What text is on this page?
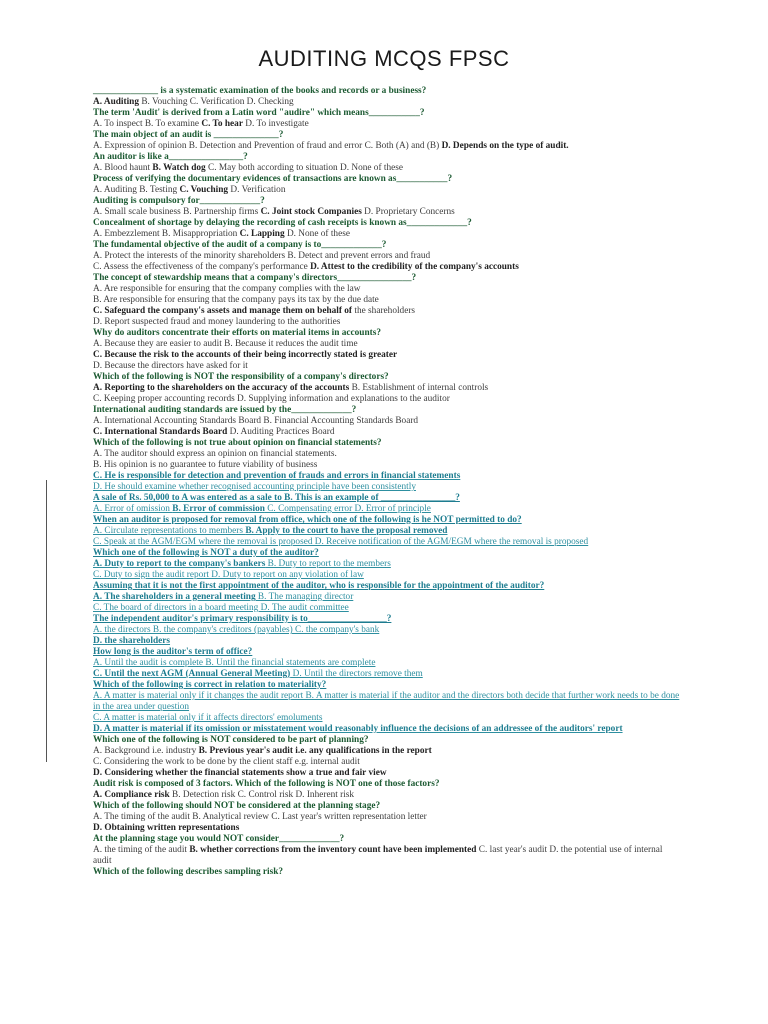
AUDITING MCQS FPSC
______________ is a systematic examination of the books and records or a business?
A. Auditing B. Vouching C. Verification D. Checking
The term 'Audit' is derived from a Latin word "audire" which means___________?
A. To inspect B. To examine C. To hear D. To investigate
The main object of an audit is ______________?
A. Expression of opinion B. Detection and Prevention of fraud and error C. Both (A) and (B) D. Depends on the type of audit.
An auditor is like a________________?
A. Blood haunt B. Watch dog C. May both according to situation D. None of these
Process of verifying the documentary evidences of transactions are known as___________?
A. Auditing B. Testing C. Vouching D. Verification
Auditing is compulsory for_____________?
A. Small scale business B. Partnership firms C. Joint stock Companies D. Proprietary Concerns
Concealment of shortage by delaying the recording of cash receipts is known as_____________?
A. Embezzlement B. Misappropriation C. Lapping D. None of these
The fundamental objective of the audit of a company is to_____________?
A. Protect the interests of the minority shareholders B. Detect and prevent errors and fraud
C. Assess the effectiveness of the company's performance D. Attest to the credibility of the company's accounts
The concept of stewardship means that a company's directors________________?
A. Are responsible for ensuring that the company complies with the law
B. Are responsible for ensuring that the company pays its tax by the due date
C. Safeguard the company's assets and manage them on behalf of the shareholders
D. Report suspected fraud and money laundering to the authorities
Why do auditors concentrate their efforts on material items in accounts?
A. Because they are easier to audit B. Because it reduces the audit time
C. Because the risk to the accounts of their being incorrectly stated is greater
D. Because the directors have asked for it
Which of the following is NOT the responsibility of a company's directors?
A. Reporting to the shareholders on the accuracy of the accounts B. Establishment of internal controls
C. Keeping proper accounting records D. Supplying information and explanations to the auditor
International auditing standards are issued by the_____________?
A. International Accounting Standards Board B. Financial Accounting Standards Board
C. International Standards Board D. Auditing Practices Board
Which of the following is not true about opinion on financial statements?
A. The auditor should express an opinion on financial statements.
B. His opinion is no guarantee to future viability of business
C. He is responsible for detection and prevention of frauds and errors in financial statements
D. He should examine whether recognised accounting principle have been consistently
A sale of Rs. 50,000 to A was entered as a sale to B. This is an example of ________________?
A. Error of omission B. Error of commission C. Compensating error D. Error of principle
When an auditor is proposed for removal from office, which one of the following is he NOT permitted to do?
A. Circulate representations to members B. Apply to the court to have the proposal removed
C. Speak at the AGM/EGM where the removal is proposed D. Receive notification of the AGM/EGM where the removal is proposed
Which one of the following is NOT a duty of the auditor?
A. Duty to report to the company's bankers B. Duty to report to the members
C. Duty to sign the audit report D. Duty to report on any violation of law
Assuming that it is not the first appointment of the auditor, who is responsible for the appointment of the auditor?
A. The shareholders in a general meeting B. The managing director
C. The board of directors in a board meeting D. The audit committee
The independent auditor's primary responsibility is to_________________?
A. the directors B. the company's creditors (payables) C. the company's bank
D. the shareholders
How long is the auditor's term of office?
A. Until the audit is complete B. Until the financial statements are complete
C. Until the next AGM (Annual General Meeting) D. Until the directors remove them
Which of the following is correct in relation to materiality?
A. A matter is material only if it changes the audit report B. A matter is material if the auditor and the directors both decide that further work needs to be done in the area under question
C. A matter is material only if it affects directors' emoluments
D. A matter is material if its omission or misstatement would reasonably influence the decisions of an addressee of the auditors' report
Which one of the following is NOT considered to be part of planning?
A. Background i.e. industry B. Previous year's audit i.e. any qualifications in the report
C. Considering the work to be done by the client staff e.g. internal audit
D. Considering whether the financial statements show a true and fair view
Audit risk is composed of 3 factors. Which of the following is NOT one of those factors?
A. Compliance risk B. Detection risk C. Control risk D. Inherent risk
Which of the following should NOT be considered at the planning stage?
A. The timing of the audit B. Analytical review C. Last year's written representation letter
D. Obtaining written representations
At the planning stage you would NOT consider_____________?
A. the timing of the audit B. whether corrections from the inventory count have been implemented C. last year's audit D. the potential use of internal audit
Which of the following describes sampling risk?
